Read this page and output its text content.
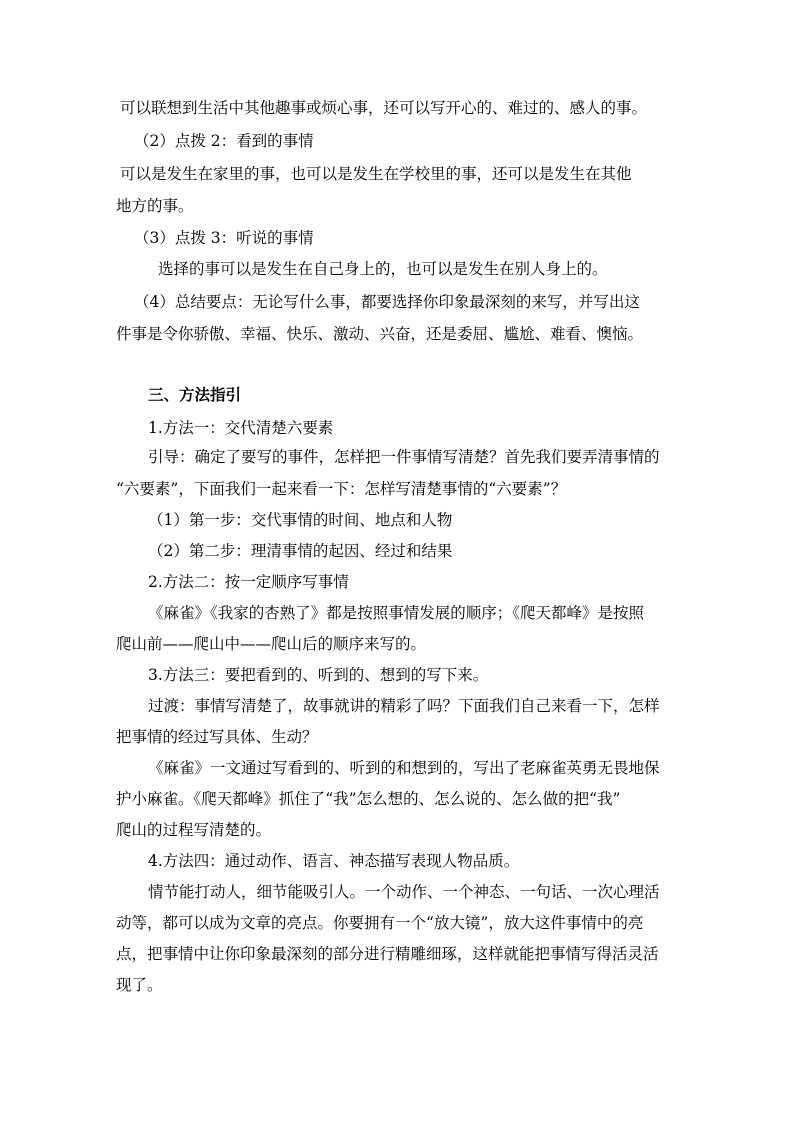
可以联想到生活中其他趣事或烦心事，还可以写开心的、难过的、感人的事。
（2）点拨 2：看到的事情
可以是发生在家里的事，也可以是发生在学校里的事，还可以是发生在其他
地方的事。
（3）点拨 3：听说的事情
选择的事可以是发生在自己身上的，也可以是发生在别人身上的。
（4）总结要点：无论写什么事，都要选择你印象最深刻的来写，并写出这
件事是令你骄傲、幸福、快乐、激动、兴奋，还是委屈、尴尬、难看、懊恼。
三、方法指引
1.方法一：交代清楚六要素
引导：确定了要写的事件，怎样把一件事情写清楚？首先我们要弄清事情的
“六要素”，下面我们一起来看一下：怎样写清楚事情的“六要素”？
（1）第一步：交代事情的时间、地点和人物
（2）第二步：理清事情的起因、经过和结果
2.方法二：按一定顺序写事情
《麻雀》《我家的杏熟了》都是按照事情发展的顺序；《爬天都峰》是按照
爬山前——爬山中——爬山后的顺序来写的。
3.方法三：要把看到的、听到的、想到的写下来。
过渡：事情写清楚了，故事就讲的精彩了吗？下面我们自己来看一下，怎样
把事情的经过写具体、生动？
《麻雀》一文通过写看到的、听到的和想到的，写出了老麻雀英勇无畏地保
护小麻雀。《爬天都峰》抓住了“我”怎么想的、怎么说的、怎么做的把“我”
爬山的过程写清楚的。
4.方法四：通过动作、语言、神态描写表现人物品质。
情节能打动人，细节能吸引人。一个动作、一个神态、一句话、一次心理活
动等，都可以成为文章的亮点。你要拥有一个“放大镜”，放大这件事情中的亮
点，把事情中让你印象最深刻的部分进行精雕细琢，这样就能把事情写得活灵活
现了。
